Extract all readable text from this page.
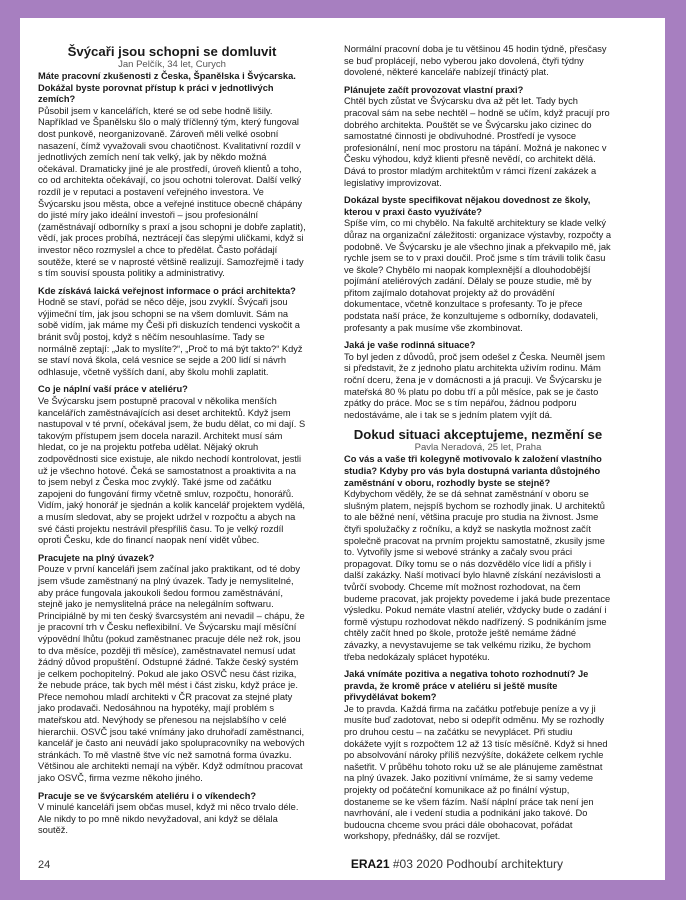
Švýcaři jsou schopni se domluvit

Jan Pelčík, 34 let, Curych

Máte pracovní zkušenosti z Česka, Španělska i Švýcarska. Dokážal byste porovnat přístup k práci v jednotlivých zemích?

Působil jsem v kancelářích, které se od sebe hodně lišily. Například ve Španělsku šlo o malý tříčlenný tým, který fungoval dost punkově, neorganizovaně. Zároveň měli velké osobní nasazení, čímž vyvažovali svou chaotičnost. Kvalitativní rozdíl v jednotlivých zemích není tak velký, jak by někdo možná očekával. Dramaticky jiné je ale prostředí, úroveň klientů a toho, co od architekta očekávají, co jsou ochotni tolerovat. Další velký rozdíl je v reputaci a postavení veřejného investora. Ve Švýcarsku jsou města, obce a veřejné instituce obecně chápány do jisté míry jako ideální investoři – jsou profesionální (zaměstnávají odborníky s praxí a jsou schopni je dobře zaplatit), vědí, jak proces probíhá, neztrácejí čas slepými uličkami, když si investor něco rozmyslel a chce to předělat. Často pořádají soutěže, které se v naprosté většině realizují. Samozřejmě i tady s tím souvisí spousta politiky a administrativy.

Kde získává laická veřejnost informace o práci architekta?

Hodně se staví, pořád se něco děje, jsou zvyklí. Švýcaři jsou výjimeční tím, jak jsou schopni se na všem domluvit. Sám na sobě vidím, jak máme my Češi při diskuzích tendenci vyskočit a bránit svůj postoj, když s něčím nesouhlasíme. Tady se normálně zeptají: „Jak to myslíte?“, „Proč to má být takto?“ Když se staví nová škola, celá vesnice se sejde a 200 lidí si návrh odhlasuje, včetně vyšších daní, aby školu mohli zaplatit.

Co je náplní vaší práce v ateliéru?

Ve Švýcarsku jsem postupně pracoval v několika menších kancelářích zaměstnávajících asi deset architektů. Když jsem nastupoval v té první, očekával jsem, že budu dělat, co mi dají. S takovým přístupem jsem docela narazil. Architekt musí sám hledat, co je na projektu potřeba udělat. Nějaký okruh zodpovědnosti sice existuje, ale nikdo nechodí kontrolovat, jestli už je všechno hotové. Čeká se samostatnost a proaktivita a na to jsem nebyl z Česka moc zvyklý. Také jsme od začátku zapojeni do fungování firmy včetně smluv, rozpočtu, honorářů. Vidím, jaký honorář je sjednán a kolik kancelář projektem vydělá, a musím sledovat, aby se projekt udržel v rozpočtu a abych na své části projektu nestrávil přespříliš času. To je velký rozdíl oproti Česku, kde do financí naopak není vidět vůbec.

Pracujete na plný úvazek?

Pouze v první kanceláři jsem začínal jako praktikant, od té doby jsem všude zaměstnaný na plný úvazek. Tady je nemyslitelné, aby práce fungovala jakoukoli šedou formou zaměstnávání, stejně jako je nemyslitelná práce na nelegálním softwaru. Principiálně by mi ten český švarcsystém ani nevadil – chápu, že je pracovní trh v Česku neflexibilní. Ve Švýcarsku mají měsíční výpovědní lhůtu (pokud zaměstnanec pracuje déle než rok, jsou to dva měsíce, později tři měsíce), zaměstnavatel nemusí udat žádný důvod propuštění. Odstupné žádné. Takže český systém je celkem pochopitelný. Pokud ale jako OSVČ nesu část rizika, že nebude práce, tak bych měl mést i část zisku, když práce je. Přece nemohou mladí architekti v ČR pracovat za stejné platy jako prodavači. Nedosáhnou na hypotéky, mají problém s mateřskou atd. Nevýhody se přenesou na nejslabšího v celé hierarchii. OSVČ jsou také vnímány jako druhořadí zaměstnanci, kancelář je často ani neuvádí jako spolupracovníky na webových stránkách. To mě vlastně štve víc než samotná forma úvazku. Většinou ale architekti nemají na výběr. Když odmítnou pracovat jako OSVČ, firma vezme někoho jiného.

Pracuje se ve švýcarském ateliéru i o víkendech?

V minulé kanceláři jsem občas musel, když mi něco trvalo déle. Ale nikdy to po mně nikdo nevyžadoval, ani když se dělala soutěž.

Normální pracovní doba je tu většinou 45 hodin týdně, přesčasy se buď proplácejí, nebo vyberou jako dovolená, čtyři týdny dovolené, některé kanceláře nabízejí třináctý plat.

Plánujete začít provozovat vlastní praxi?

Chtěl bych zůstat ve Švýcarsku dva až pět let. Tady bych pracoval sám na sebe nechtěl – hodně se učím, když pracují pro dobrého architekta. Pouštět se ve Švýcarsku jako cizinec do samostatné činnosti je obdivuhodné. Prostředí je vysoce profesionální, není moc prostoru na tápání. Možná je nakonec v Česku výhodou, když klienti přesně nevědí, co architekt dělá. Dává to prostor mladým architektům v rámci řízení zakázek a legislativy improvizovat.

Dokázal byste specifikovat nějakou dovednost ze školy, kterou v praxi často využíváte?

Spíše vím, co mi chybělo. Na fakultě architektury se klade velký důraz na organizační záležitosti: organizace výstavby, rozpočty a podobně. Ve Švýcarsku je ale všechno jinak a překvapilo mě, jak rychle jsem se to v praxi doučil. Proč jsme s tím trávili tolik času ve škole? Chybělo mi naopak komplexnější a dlouhodobější pojímání ateliérových zadání. Dělaly se pouze studie, mě by přitom zajímalo dotahovat projekty až do provádění dokumentace, včetně konzultace s profesanty. To je přece podstata naší práce, že konzultujeme s odborníky, dodavateli, profesanty a pak musíme vše zkombinovat.

Jaká je vaše rodinná situace?

To byl jeden z důvodů, proč jsem odešel z Česka. Neuměl jsem si představit, že z jednoho platu architekta uživím rodinu. Mám roční dceru, žena je v domácnosti a já pracuji. Ve Švýcarsku je mateřská 80 % platu po dobu tří a půl měsíce, pak se je často zpátky do práce. Moc se s tím nepářou, žádnou podporu nedostáváme, ale i tak se s jedním platem vyjít dá.

Dokud situaci akceptujeme, nezmění se

Pavla Neradová, 25 let, Praha

Co vás a vaše tři kolegyně motivovalo k založení vlastního studia? Kdyby pro vás byla dostupná varianta důstojného zaměstnání v oboru, rozhodly byste se stejně?

Kdybychom věděly, že se dá sehnat zaměstnání v oboru se slušným platem, nejspíš bychom se rozhodly jinak. U architektů to ale běžné není, většina pracuje pro studia na živnost. Jsme čtyři spolužačky z ročníku, a když se naskytla možnost začít společně pracovat na prvním projektu samostatně, zkusily jsme to. Vytvořily jsme si webové stránky a začaly svou práci propagovat. Díky tomu se o nás dozvědělo více lidí a přišly i další zakázky. Naší motivací bylo hlavně získání nezávislosti a tvůrčí svobody. Chceme mít možnost rozhodovat, na čem budeme pracovat, jak projekty povedeme i jaká bude prezentace výsledku. Pokud nemáte vlastní ateliér, vždycky bude o zadání i formě výstupu rozhodovat někdo nadřízený. S podnikáním jsme chtěly začít hned po škole, protože ještě nemáme žádné závazky, a nevystavujeme se tak velkému riziku, že bychom třeba nedokázaly splácet hypotéku.

Jaká vnímáte pozitiva a negativa tohoto rozhodnutí? Je pravda, že kromě práce v ateliéru si ještě musíte přivydělávat bokem?

Je to pravda. Každá firma na začátku potřebuje peníze a vy ji musíte buď zadotovat, nebo si odepřít odměnu. My se rozhodly pro druhou cestu – na začátku se nevyplácet. Při studiu dokážete vyjít s rozpočtem 12 až 13 tisíc měsíčně. Když si hned po absolvování nároky příliš nezvýšíte, dokážete celkem rychle našetřit. V průběhu tohoto roku už se ale plánujeme zaměstnat na plný úvazek. Jako pozitivní vnímáme, že si samy vedeme projekty od počáteční komunikace až po finální výstup, dostaneme se ke všem fázím. Naší náplní práce tak není jen navrhování, ale i vedení studia a podnikání jako takové. Do budoucna chceme svou práci dále obohacovat, pořádat workshopy, přednášky, dál se rozvíjet.

24	ERA21 #03 2020 Podhoubí architektury
